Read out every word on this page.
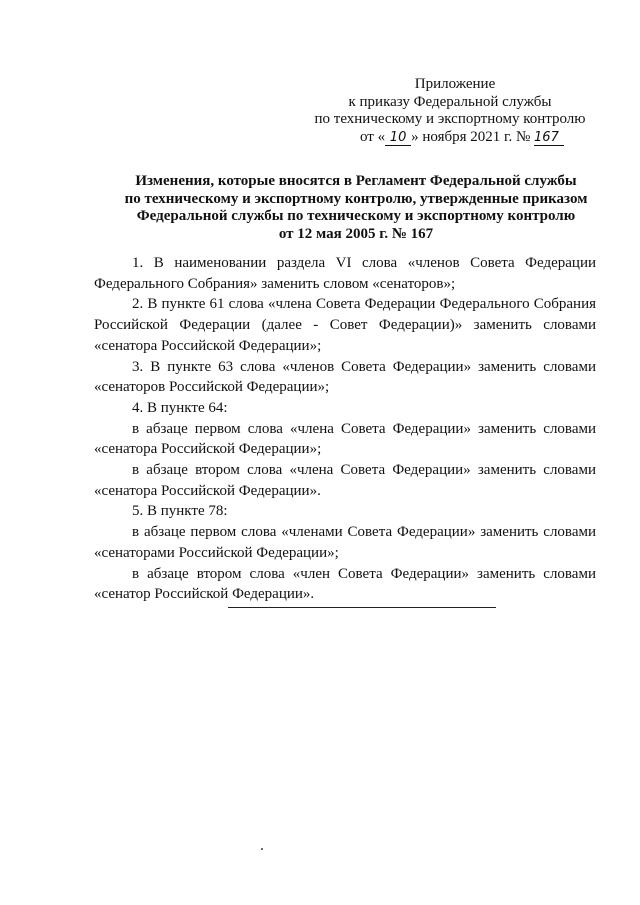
Приложение
к приказу Федеральной службы
по техническому и экспортному контролю
от « 10 » ноября 2021 г. № 167
Изменения, которые вносятся в Регламент Федеральной службы
по техническому и экспортному контролю, утвержденные приказом
Федеральной службы по техническому и экспортному контролю
от 12 мая 2005 г. № 167

1. В наименовании раздела VI слова «членов Совета Федерации Федерального Собрания» заменить словом «сенаторов»;

2. В пункте 61 слова «члена Совета Федерации Федерального Собрания Российской Федерации (далее - Совет Федерации)» заменить словами «сенатора Российской Федерации»;

3. В пункте 63 слова «членов Совета Федерации» заменить словами «сенаторов Российской Федерации»;

4. В пункте 64:

в абзаце первом слова «члена Совета Федерации» заменить словами «сенатора Российской Федерации»;

в абзаце втором слова «члена Совета Федерации» заменить словами «сенатора Российской Федерации».

5. В пункте 78:

в абзаце первом слова «членами Совета Федерации» заменить словами «сенаторами Российской Федерации»;

в абзаце втором слова «член Совета Федерации» заменить словами «сенатор Российской Федерации».
